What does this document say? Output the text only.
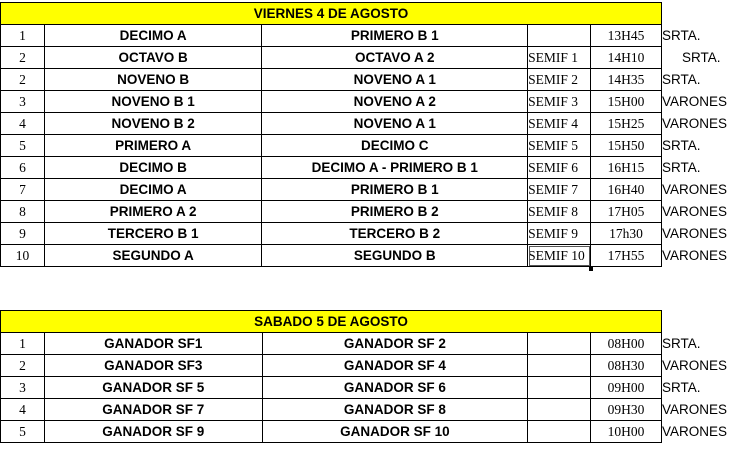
VIERNES 4 DE AGOSTO					
1	DECIMO A	PRIMERO B 1		13H45	SRTA.
2	OCTAVO B	OCTAVO A 2	SEMIF 1	14H10	SRTA.
2	NOVENO B	NOVENO A 1	SEMIF 2	14H35	SRTA.
3	NOVENO B 1	NOVENO A 2	SEMIF 3	15H00	VARONES
4	NOVENO B 2	NOVENO A 1	SEMIF 4	15H25	VARONES
5	PRIMERO A	DECIMO C	SEMIF 5	15H50	SRTA.
6	DECIMO B	DECIMO A - PRIMERO B 1	SEMIF 6	16H15	SRTA.
7	DECIMO A	PRIMERO B 1	SEMIF 7	16H40	VARONES
8	PRIMERO A 2	PRIMERO B 2	SEMIF 8	17H05	VARONES
9	TERCERO B 1	TERCERO B 2	SEMIF 9	17h30	VARONES
10	SEGUNDO A	SEGUNDO B	SEMIF 10	17H55	VARONES
SABADO 5 DE AGOSTO					
1	GANADOR SF1	GANADOR SF 2		08H00	SRTA.
2	GANADOR SF3	GANADOR SF 4		08H30	VARONES
3	GANADOR SF 5	GANADOR SF 6		09H00	SRTA.
4	GANADOR SF 7	GANADOR SF 8		09H30	VARONES
5	GANADOR SF 9	GANADOR SF 10		10H00	VARONES
